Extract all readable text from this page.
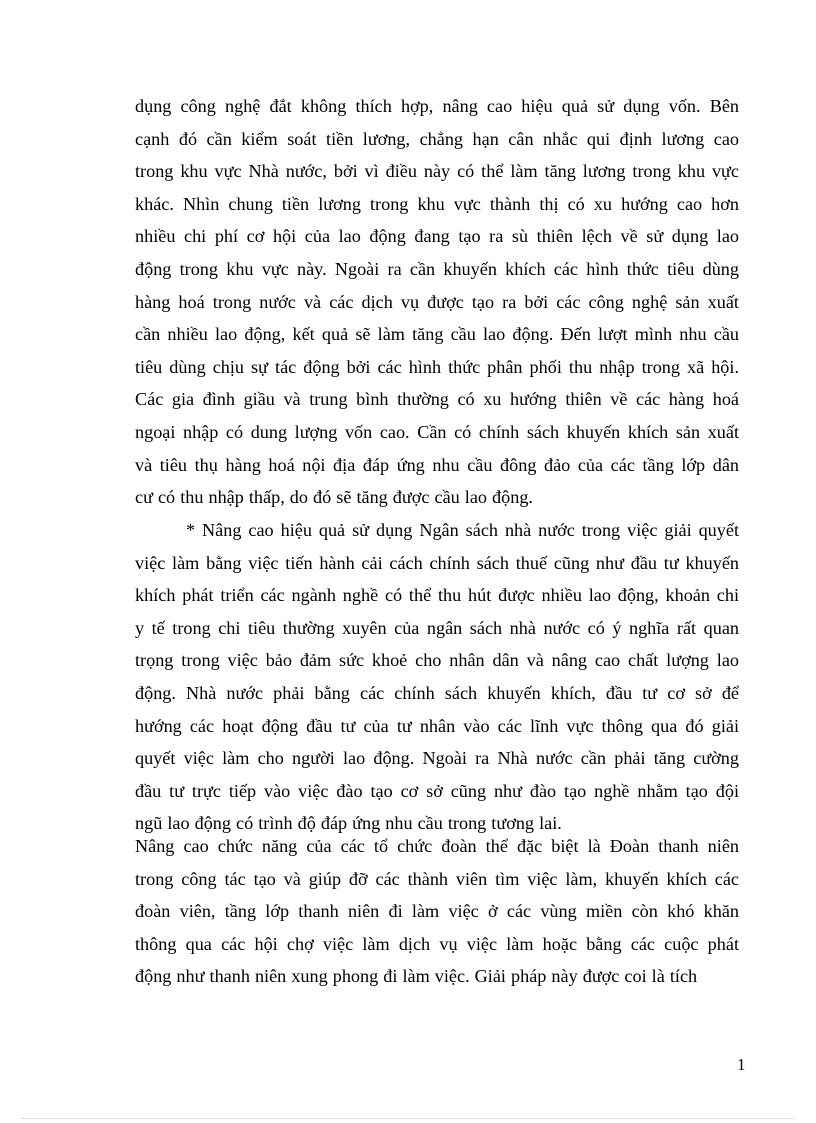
dụng công nghệ đắt không thích hợp, nâng cao hiệu quả sử dụng vốn. Bên
cạnh đó cần kiểm soát tiền lương, chẳng hạn cân nhắc qui định lương cao
trong khu vực Nhà nước, bởi vì điều này có thể làm tăng lương trong khu vực
khác. Nhìn chung tiền lương trong khu vực thành thị có xu hướng cao hơn
nhiều chi phí cơ hội của lao động đang tạo ra sù thiên lệch về sử dụng lao
động trong khu vực này. Ngoài ra cần khuyến khích các hình thức tiêu dùng
hàng hoá trong nước và các dịch vụ được tạo ra bởi các công nghệ sản xuất
cần nhiều lao động, kết quả sẽ làm tăng cầu lao động. Đến lượt mình nhu cầu
tiêu dùng chịu sự tác động bởi các hình thức phân phối thu nhập trong xã hội.
Các gia đình giầu và trung bình thường có xu hướng thiên về các hàng hoá
ngoại nhập có dung lượng vốn cao. Cần có chính sách khuyến khích sản xuất
và tiêu thụ hàng hoá nội địa đáp ứng nhu cầu đông đảo của các tầng lớp dân
cư có thu nhập thấp, do đó sẽ tăng được cầu lao động.
* Nâng cao hiệu quả sử dụng Ngân sách nhà nước trong việc giải quyết
việc làm bằng việc tiến hành cải cách chính sách thuế cũng như đầu tư khuyến
khích phát triển các ngành nghề có thể thu hút được nhiều lao động, khoản chi
y tế trong chi tiêu thường xuyên của ngân sách nhà nước có ý nghĩa rất quan
trọng trong việc bảo đảm sức khoẻ cho nhân dân và nâng cao chất lượng lao
động. Nhà nước phải bằng các chính sách khuyến khích, đầu tư cơ sở để
hướng các hoạt động đầu tư của tư nhân vào các lĩnh vực thông qua đó giải
quyết việc làm cho người lao động. Ngoài ra Nhà nước cần phải tăng cường
đầu tư trực tiếp vào việc đào tạo cơ sở cũng như đào tạo nghề nhằm tạo đội
ngũ lao động có trình độ đáp ứng nhu cầu trong tương lai.
Nâng cao chức năng của các tổ chức đoàn thể đặc biệt là Đoàn thanh niên
trong công tác tạo và giúp đỡ các thành viên tìm việc làm, khuyến khích các
đoàn viên, tầng lớp thanh niên đi làm việc ở các vùng miền còn khó khăn
thông qua các hội chợ việc làm dịch vụ việc làm hoặc bằng các cuộc phát
động như thanh niên xung phong đi làm việc. Giải pháp này được coi là tích
1
